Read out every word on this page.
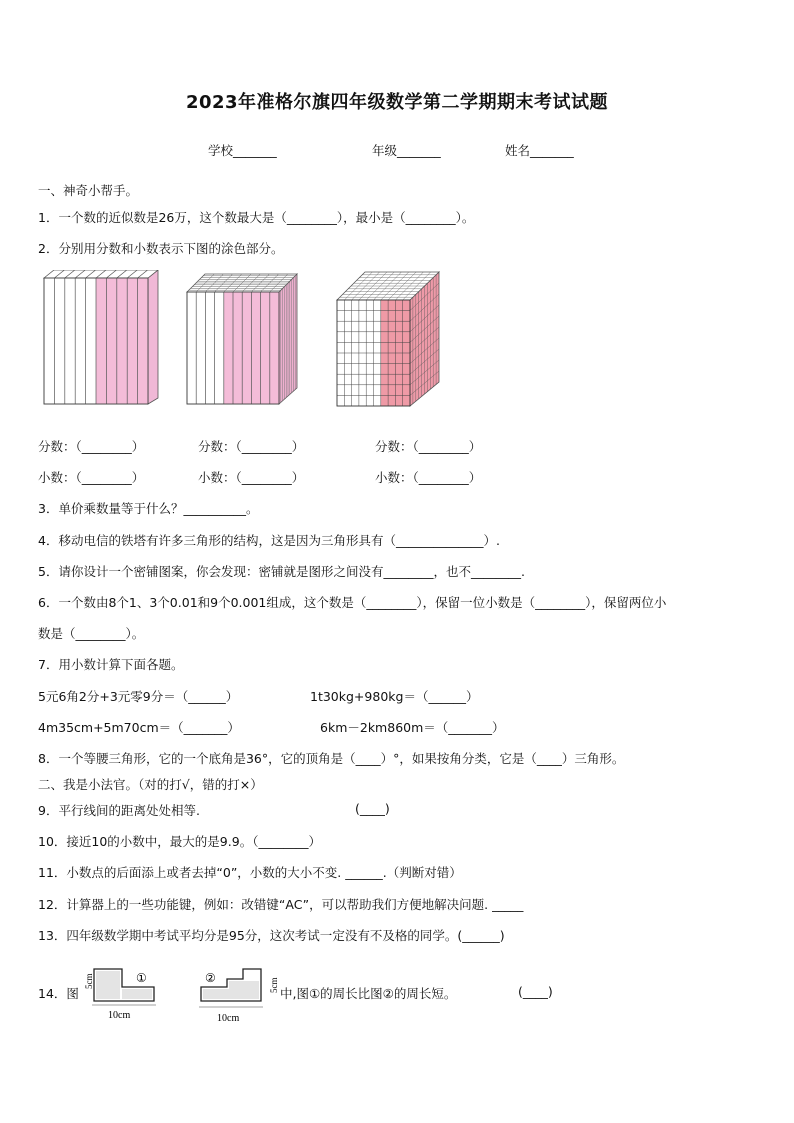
2023年准格尔旗四年级数学第二学期期末考试试题
学校_______	年级_______	姓名_______
一、神奇小帮手。
1．一个数的近似数是26万，这个数最大是（________），最小是（________）。
2．分别用分数和小数表示下图的涂色部分。
分数：（________）	分数：（________）	分数：（________）
小数：（________）	小数：（________）	小数：（________）
3．单价乘数量等于什么？__________。
4．移动电信的铁塔有许多三角形的结构，这是因为三角形具有（______________）.
5．请你设计一个密铺图案，你会发现：密铺就是图形之间没有________，也不________.
6．一个数由8个1、3个0.01和9个0.001组成，这个数是（________），保留一位小数是（________），保留两位小
数是（________）。
7．用小数计算下面各题。
5元6角2分+3元零9分＝（______）	1t30kg+980kg＝（______）
4m35cm+5m70cm＝（_______）	6km－2km860m＝（_______）
8．一个等腰三角形，它的一个底角是36°，它的顶角是（____）°，如果按角分类，它是（____）三角形。
二、我是小法官。（对的打√，错的打×）
9．平行线间的距离处处相等.	(____)
10．接近10的小数中，最大的是9.9。（________）
11．小数点的后面添上或者去掉“0”，小数的大小不变. ______.（判断对错）
12．计算器上的一些功能键，例如：改错键“AC”，可以帮助我们方便地解决问题. _____
13．四年级数学期中考试平均分是95分，这次考试一定没有不及格的同学。(______)
14．图
5cm	①
10cm
②	5cm
10cm
中,图①的周长比图②的周长短。	(____)
